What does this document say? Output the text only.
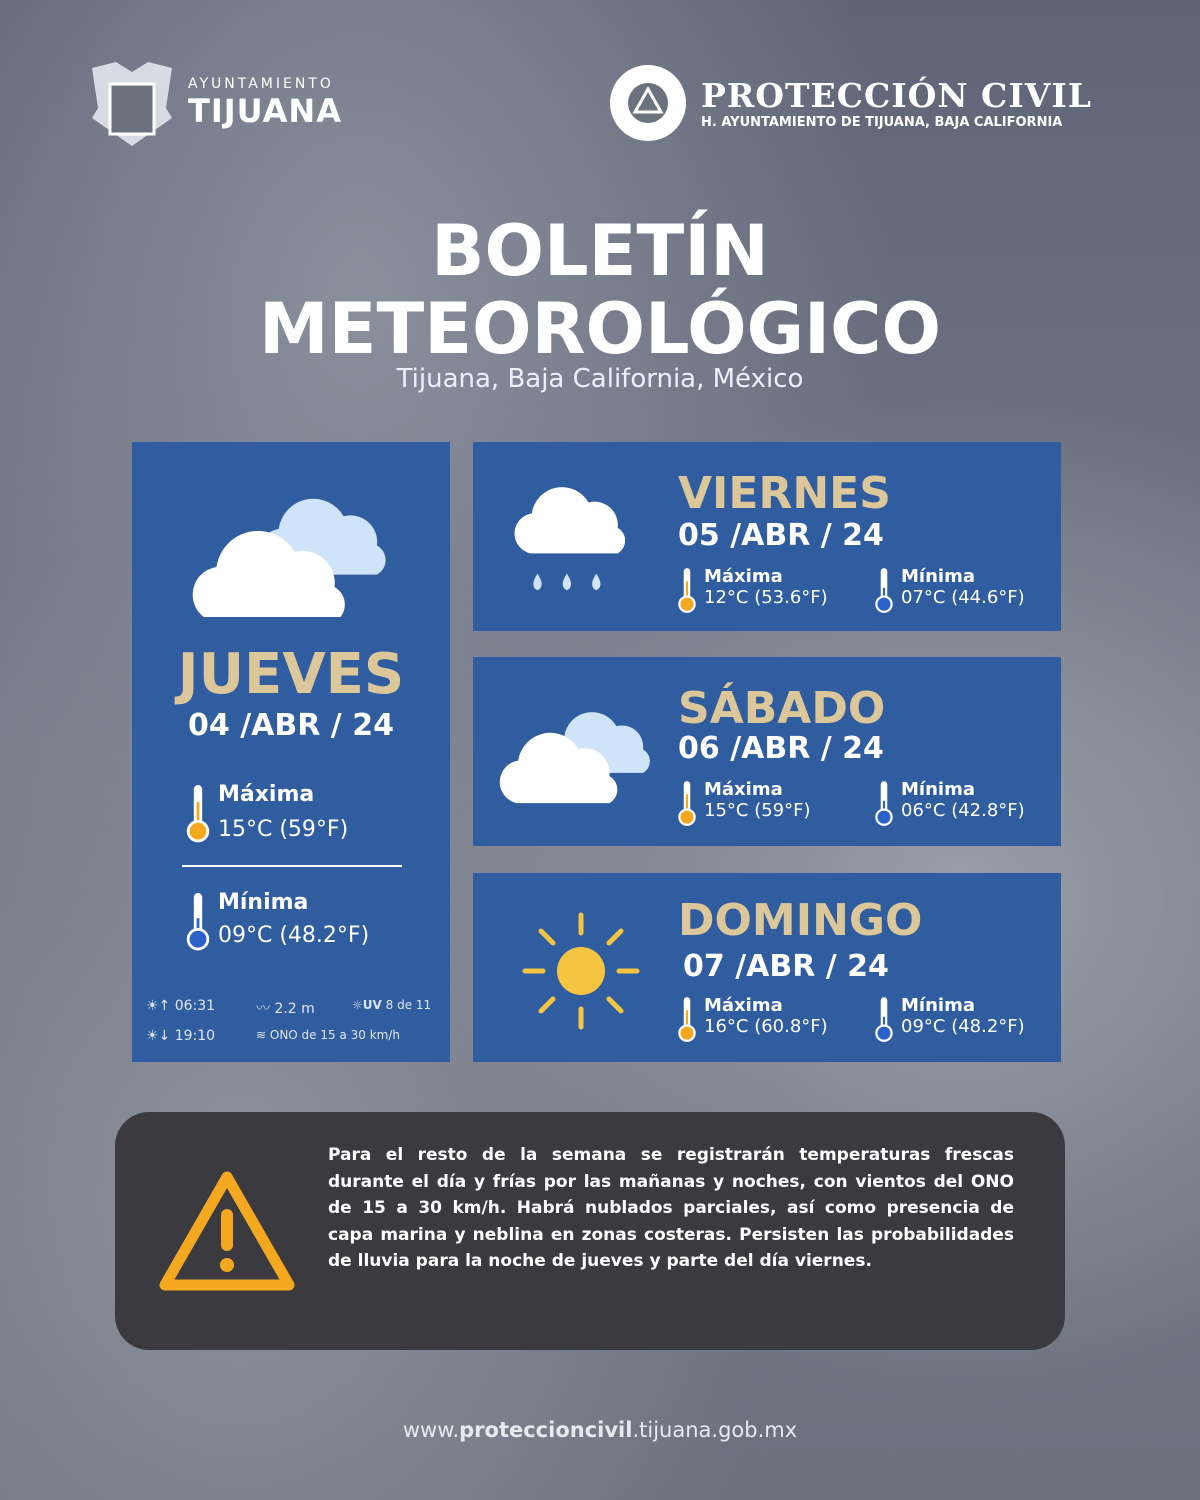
AYUNTAMIENTO
TIJUANA	PROTECCIÓN CIVIL
H. AYUNTAMIENTO DE TIJUANA, BAJA CALIFORNIA
BOLETÍN
METEOROLÓGICO
Tijuana, Baja California, México
JUEVES
04 /ABR / 24
Máxima
15°C (59°F)
Mínima
09°C (48.2°F)
☀↑ 06:31
☀↓ 19:10
〰 2.2 m	☼UV 8 de 11
≋ ONO de 15 a 30 km/h
VIERNES
05 /ABR / 24
Máxima
12°C (53.6°F)
Mínima
07°C (44.6°F)
SÁBADO
06 /ABR / 24
Máxima
15°C (59°F)
Mínima
06°C (42.8°F)
DOMINGO
07 /ABR / 24
Máxima
16°C (60.8°F)
Mínima
09°C (48.2°F)

Para el resto de la semana se registrarán temperaturas frescas durante el día y frías por las mañanas y noches, con vientos del ONO de 15 a 30 km/h. Habrá nublados parciales, así como presencia de capa marina y neblina en zonas costeras. Persisten las probabilidades de lluvia para la noche de jueves y parte del día viernes.

www.proteccioncivil.tijuana.gob.mx
